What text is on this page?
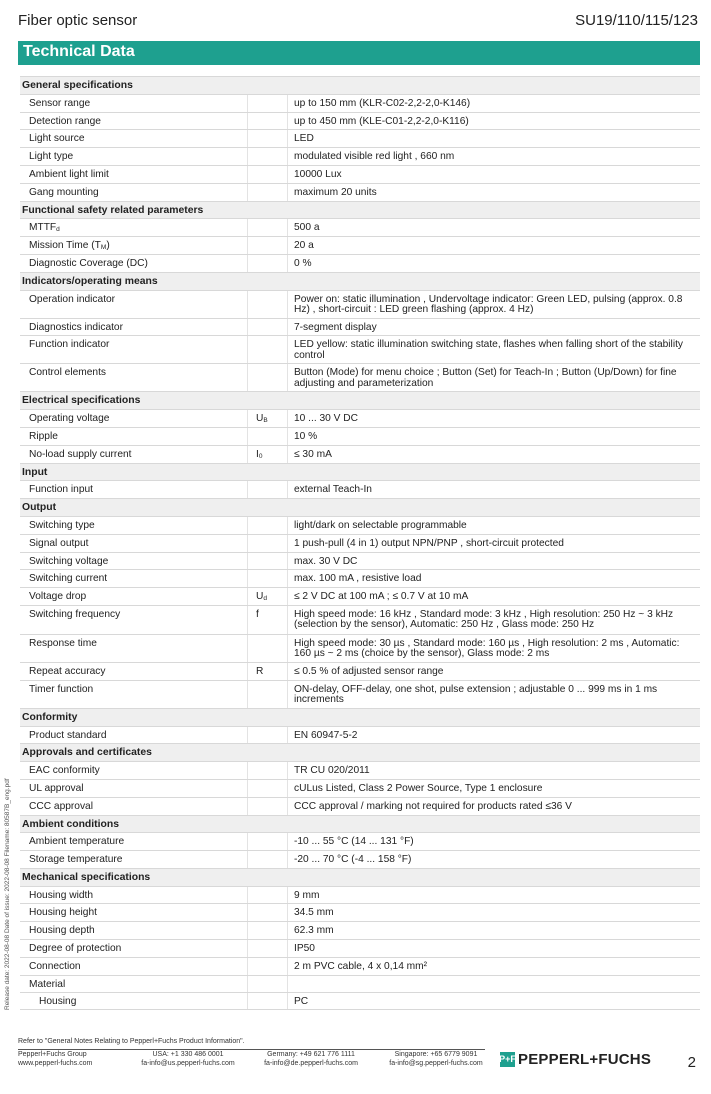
Fiber optic sensor	SU19/110/115/123
Technical Data
General specifications
Sensor range	up to 150 mm (KLR-C02-2,2-2,0-K146)
Detection range	up to 450 mm (KLE-C01-2,2-2,0-K116)
Light source	LED
Light type	modulated visible red light , 660 nm
Ambient light limit	10000 Lux
Gang mounting	maximum 20 units
Functional safety related parameters
$MTTF_d$	500 a
Mission Time $(T_M)$	20 a
Diagnostic Coverage (DC)	0 %
Indicators/operating means
Operation indicator	Power on: static illumination , Undervoltage indicator: Green LED, pulsing (approx. 0.8 Hz) , short-circuit : LED green flashing (approx. 4 Hz)
Diagnostics indicator	7-segment display
Function indicator	LED yellow: static illumination switching state, flashes when falling short of the stability control
Control elements	Button (Mode) for menu choice ; Button (Set) for Teach-In ; Button (Up/Down) for fine adjusting and parameterization
Electrical specifications
Operating voltage	$U_B$	10 ... 30 V DC
Ripple	10 %
No-load supply current	$I_0$	≤ 30 mA
Input
Function input	external Teach-In
Output
Switching type	light/dark on selectable programmable
Signal output	1 push-pull (4 in 1) output NPN/PNP , short-circuit protected
Switching voltage	max. 30 V DC
Switching current	max. 100 mA , resistive load
Voltage drop	$U_d$	≤ 2 V DC at 100 mA ; ≤ 0.7 V at 10 mA
Switching frequency	f	High speed mode: 16 kHz , Standard mode: 3 kHz , High resolution: 250 Hz ~ 3 kHz (selection by the sensor), Automatic: 250 Hz , Glass mode: 250 Hz
Response time	High speed mode: 30 µs , Standard mode: 160 µs , High resolution: 2 ms , Automatic: 160 µs ~ 2 ms (choice by the sensor), Glass mode: 2 ms
Repeat accuracy	R	≤ 0.5 % of adjusted sensor range
Timer function	ON-delay, OFF-delay, one shot, pulse extension ; adjustable 0 ... 999 ms in 1 ms increments
Conformity
Product standard	EN 60947-5-2
Approvals and certificates
EAC conformity	TR CU 020/2011
UL approval	cULus Listed, Class 2 Power Source, Type 1 enclosure
CCC approval	CCC approval / marking not required for products rated ≤36 V
Ambient conditions
Ambient temperature	-10 ... 55 °C (14 ... 131 °F)
Storage temperature	-20 ... 70 °C (-4 ... 158 °F)
Mechanical specifications
Housing width	9 mm
Housing height	34.5 mm
Housing depth	62.3 mm
Degree of protection	IP50
Connection	2 m PVC cable, 4 x 0,14 mm²
Material
Housing	PC
Release date: 2022-08-08 Date of issue: 2022-08-08 Filename: 80587B_eng.pdf
Refer to "General Notes Relating to Pepperl+Fuchs Product Information".
Pepperl+Fuchs Group
www.pepperl-fuchs.com
USA: +1 330 486 0001
fa-info@us.pepperl-fuchs.com
Germany: +49 621 776 1111
fa-info@de.pepperl-fuchs.com
Singapore: +65 6779 9091
fa-info@sg.pepperl-fuchs.com	P+F PEPPERL+FUCHS 2
